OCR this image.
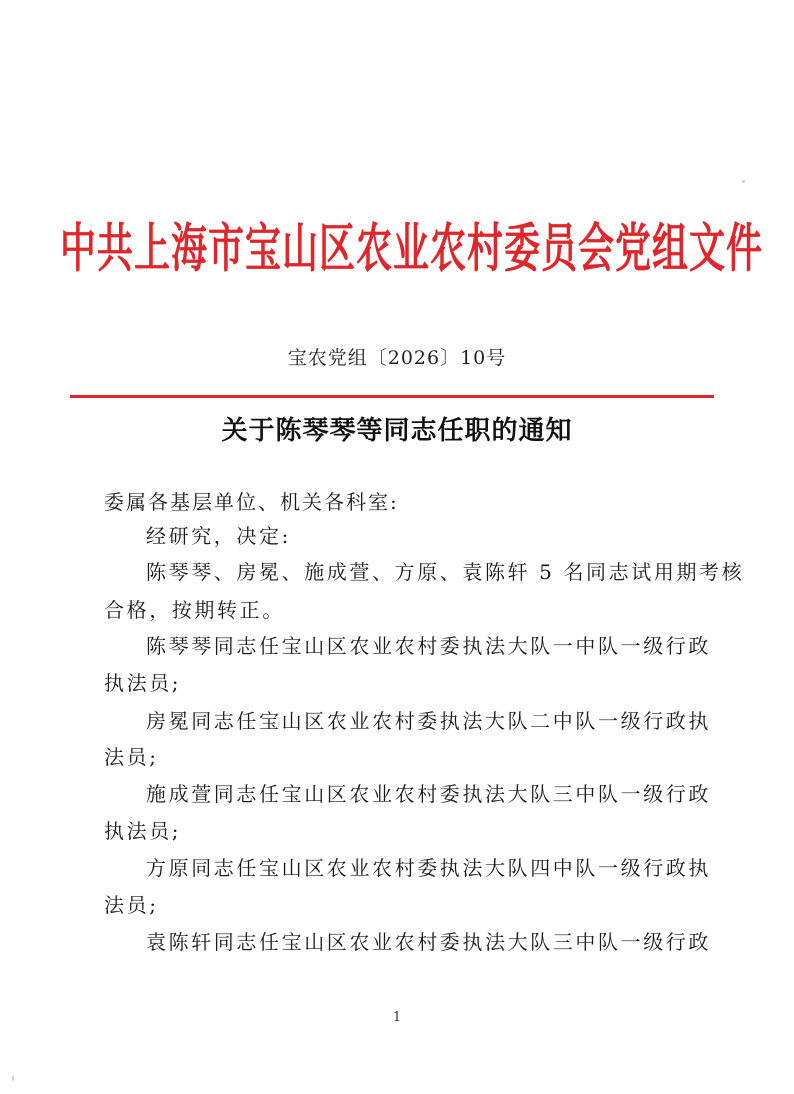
中共上海市宝山区农业农村委员会党组文件
宝农党组〔2026〕10号
关于陈琴琴等同志任职的通知
委属各基层单位、机关各科室:
经研究，决定:
陈琴琴、房冕、施成萱、方原、袁陈轩 5 名同志试用期考核
合格，按期转正。
陈琴琴同志任宝山区农业农村委执法大队一中队一级行政
执法员;
房冕同志任宝山区农业农村委执法大队二中队一级行政执
法员;
施成萱同志任宝山区农业农村委执法大队三中队一级行政
执法员;
方原同志任宝山区农业农村委执法大队四中队一级行政执
法员;
袁陈轩同志任宝山区农业农村委执法大队三中队一级行政
1
